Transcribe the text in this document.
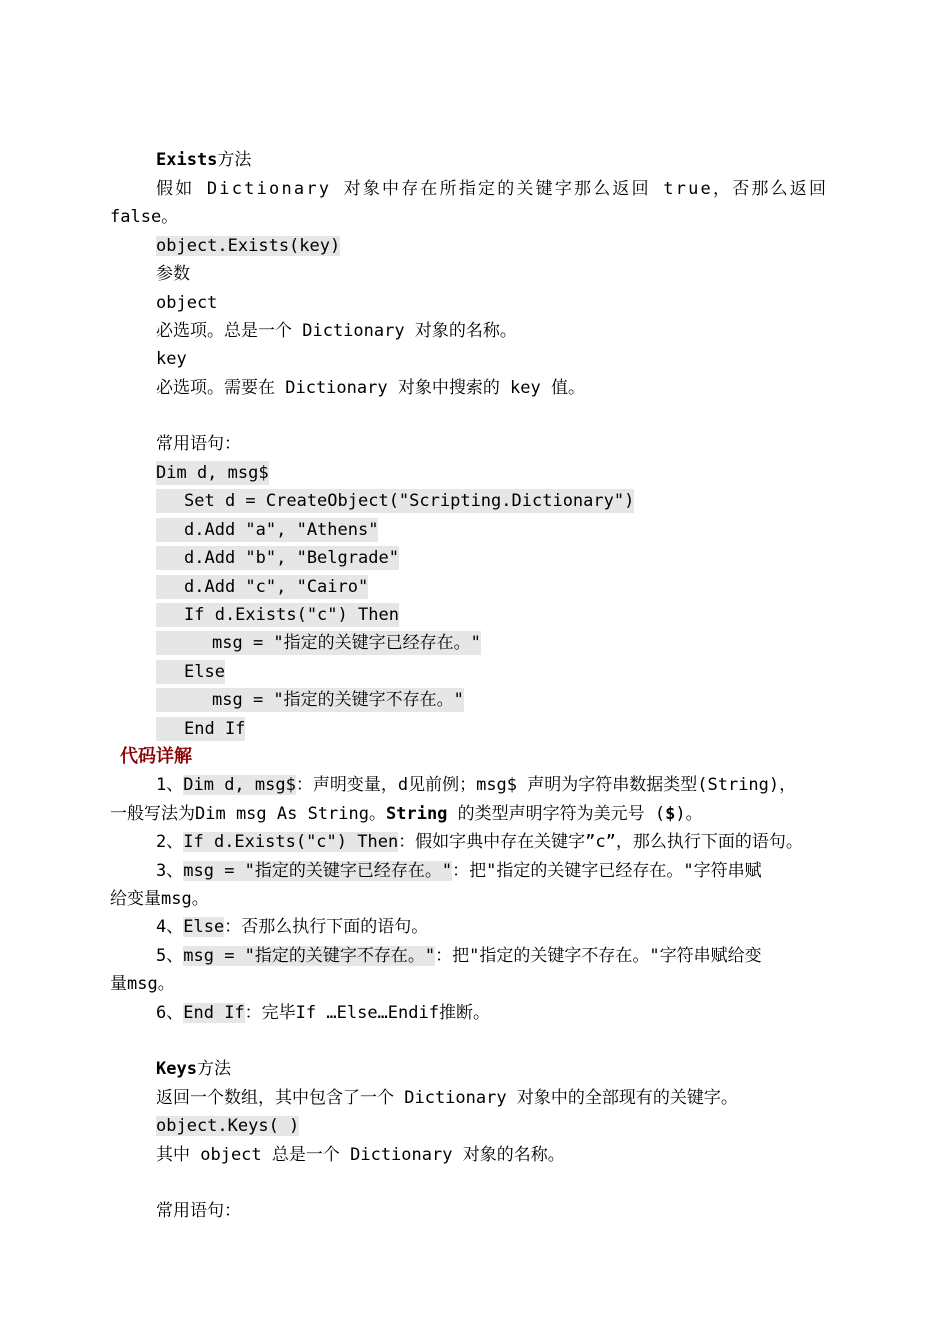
Exists方法
假如 Dictionary 对象中存在所指定的关键字那么返回 true，否那么返回
false。
object.Exists(key)
参数
object
必选项。总是一个 Dictionary 对象的名称。
key
必选项。需要在 Dictionary 对象中搜索的 key 值。
常用语句：
Dim d, msg$
Set d = CreateObject("Scripting.Dictionary")
d.Add "a", "Athens"
d.Add "b", "Belgrade"
d.Add "c", "Cairo"
If d.Exists("c") Then
msg = "指定的关键字已经存在。"
Else
msg = "指定的关键字不存在。"
End If
代码详解
1、Dim d, msg$：声明变量，d见前例；msg$ 声明为字符串数据类型(String)，
一般写法为Dim msg As String。String 的类型声明字符为美元号 ($)。
2、If d.Exists("c") Then：假如字典中存在关键字”c”，那么执行下面的语句。
3、msg = "指定的关键字已经存在。"：把"指定的关键字已经存在。"字符串赋
给变量msg。
4、Else：否那么执行下面的语句。
5、msg = "指定的关键字不存在。"：把"指定的关键字不存在。"字符串赋给变
量msg。
6、End If：完毕If …Else…Endif推断。
Keys方法
返回一个数组，其中包含了一个 Dictionary 对象中的全部现有的关键字。
object.Keys( )
其中 object 总是一个 Dictionary 对象的名称。
常用语句：
